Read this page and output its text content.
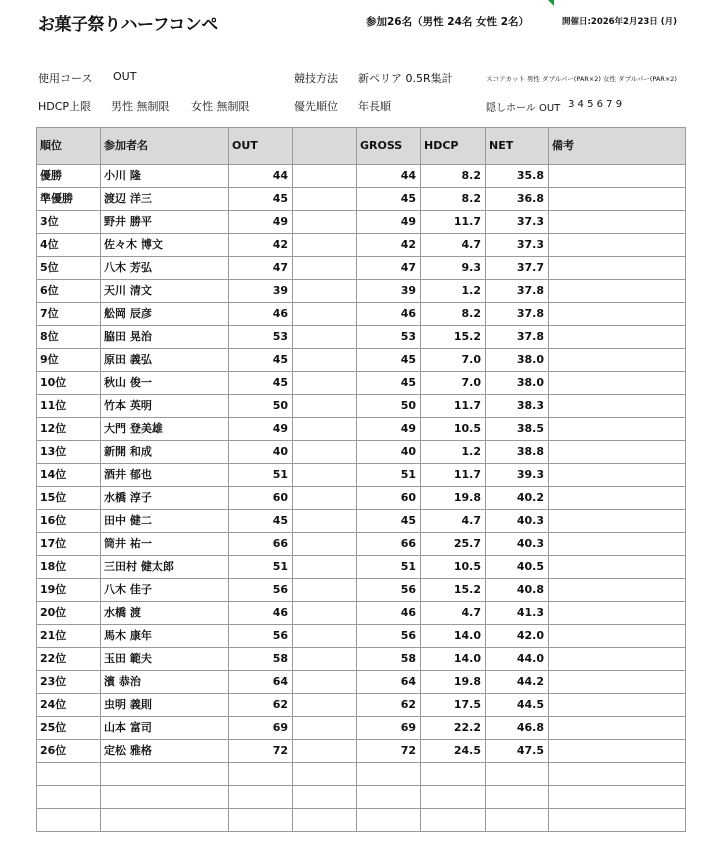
お菓子祭りハーフコンペ	参加26名（男性 24名 女性 2名）	開催日:2026年2月23日 (月)
使用コース OUT	競技方法 新ペリア 0.5R集計	スコアカット 男性 ダブルパー(PAR×2) 女性 ダブルパー(PAR×2)
HDCP上限 男性 無制限 女性 無制限	優先順位 年長順	隠しホール OUT 3 4 5 6 7 9
順位	参加者名	OUT		GROSS	HDCP	NET	備考
優勝	小川 隆	44		44	8.2	35.8	
準優勝	渡辺 洋三	45		45	8.2	36.8	
3位	野井 勝平	49		49	11.7	37.3	
4位	佐々木 博文	42		42	4.7	37.3	
5位	八木 芳弘	47		47	9.3	37.7	
6位	天川 清文	39		39	1.2	37.8	
7位	舩岡 辰彦	46		46	8.2	37.8	
8位	脇田 晃治	53		53	15.2	37.8	
9位	原田 義弘	45		45	7.0	38.0	
10位	秋山 俊一	45		45	7.0	38.0	
11位	竹本 英明	50		50	11.7	38.3	
12位	大門 登美雄	49		49	10.5	38.5	
13位	新開 和成	40		40	1.2	38.8	
14位	酒井 郁也	51		51	11.7	39.3	
15位	水橋 淳子	60		60	19.8	40.2	
16位	田中 健二	45		45	4.7	40.3	
17位	筒井 祐一	66		66	25.7	40.3	
18位	三田村 健太郎	51		51	10.5	40.5	
19位	八木 佳子	56		56	15.2	40.8	
20位	水橋 渡	46		46	4.7	41.3	
21位	馬木 康年	56		56	14.0	42.0	
22位	玉田 範夫	58		58	14.0	44.0	
23位	濱 恭治	64		64	19.8	44.2	
24位	虫明 義則	62		62	17.5	44.5	
25位	山本 富司	69		69	22.2	46.8	
26位	定松 雅格	72		72	24.5	47.5	
